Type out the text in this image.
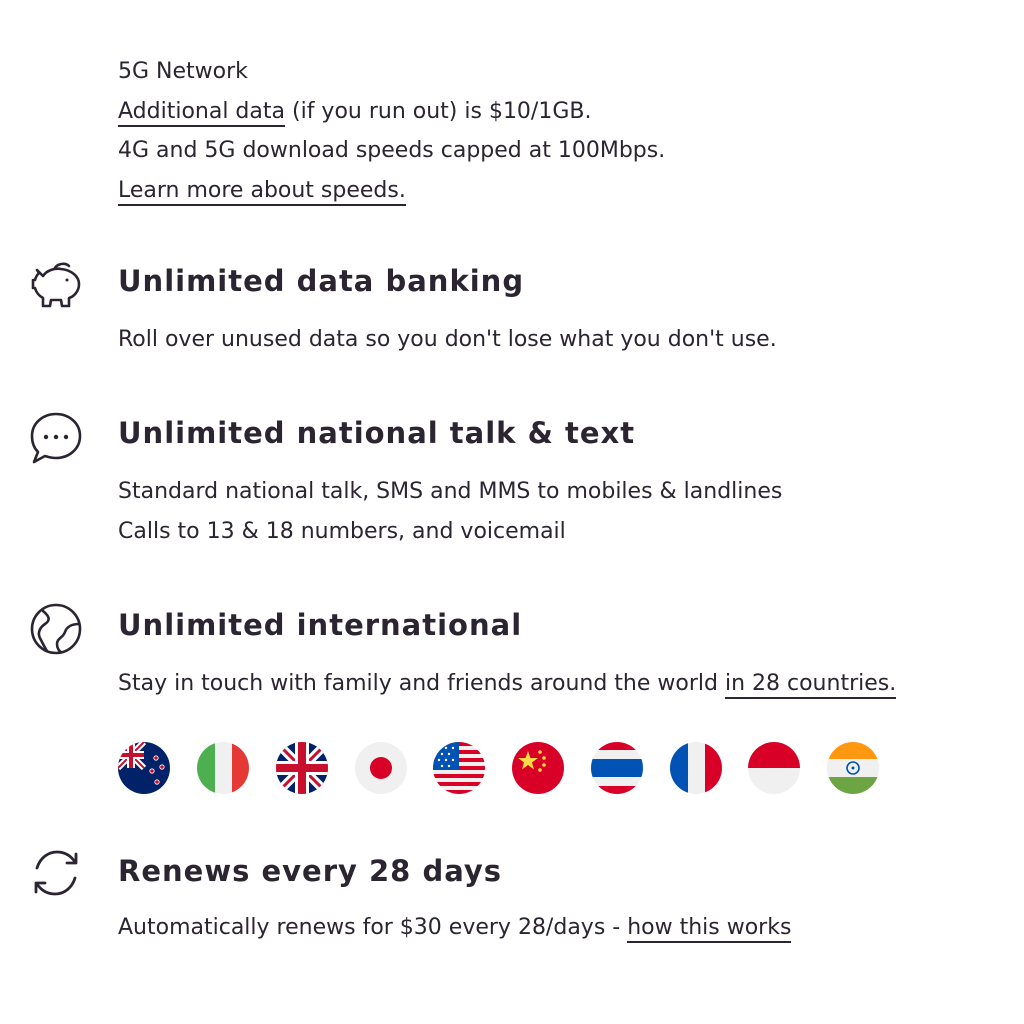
5G Network
Additional data (if you run out) is $10/1GB.
4G and 5G download speeds capped at 100Mbps.
Learn more about speeds.
Unlimited data banking
Roll over unused data so you don't lose what you don't use.
Unlimited national talk & text
Standard national talk, SMS and MMS to mobiles & landlines
Calls to 13 & 18 numbers, and voicemail
Unlimited international
Stay in touch with family and friends around the world in 28 countries.
Renews every 28 days
Automatically renews for $30 every 28/days - how this works
